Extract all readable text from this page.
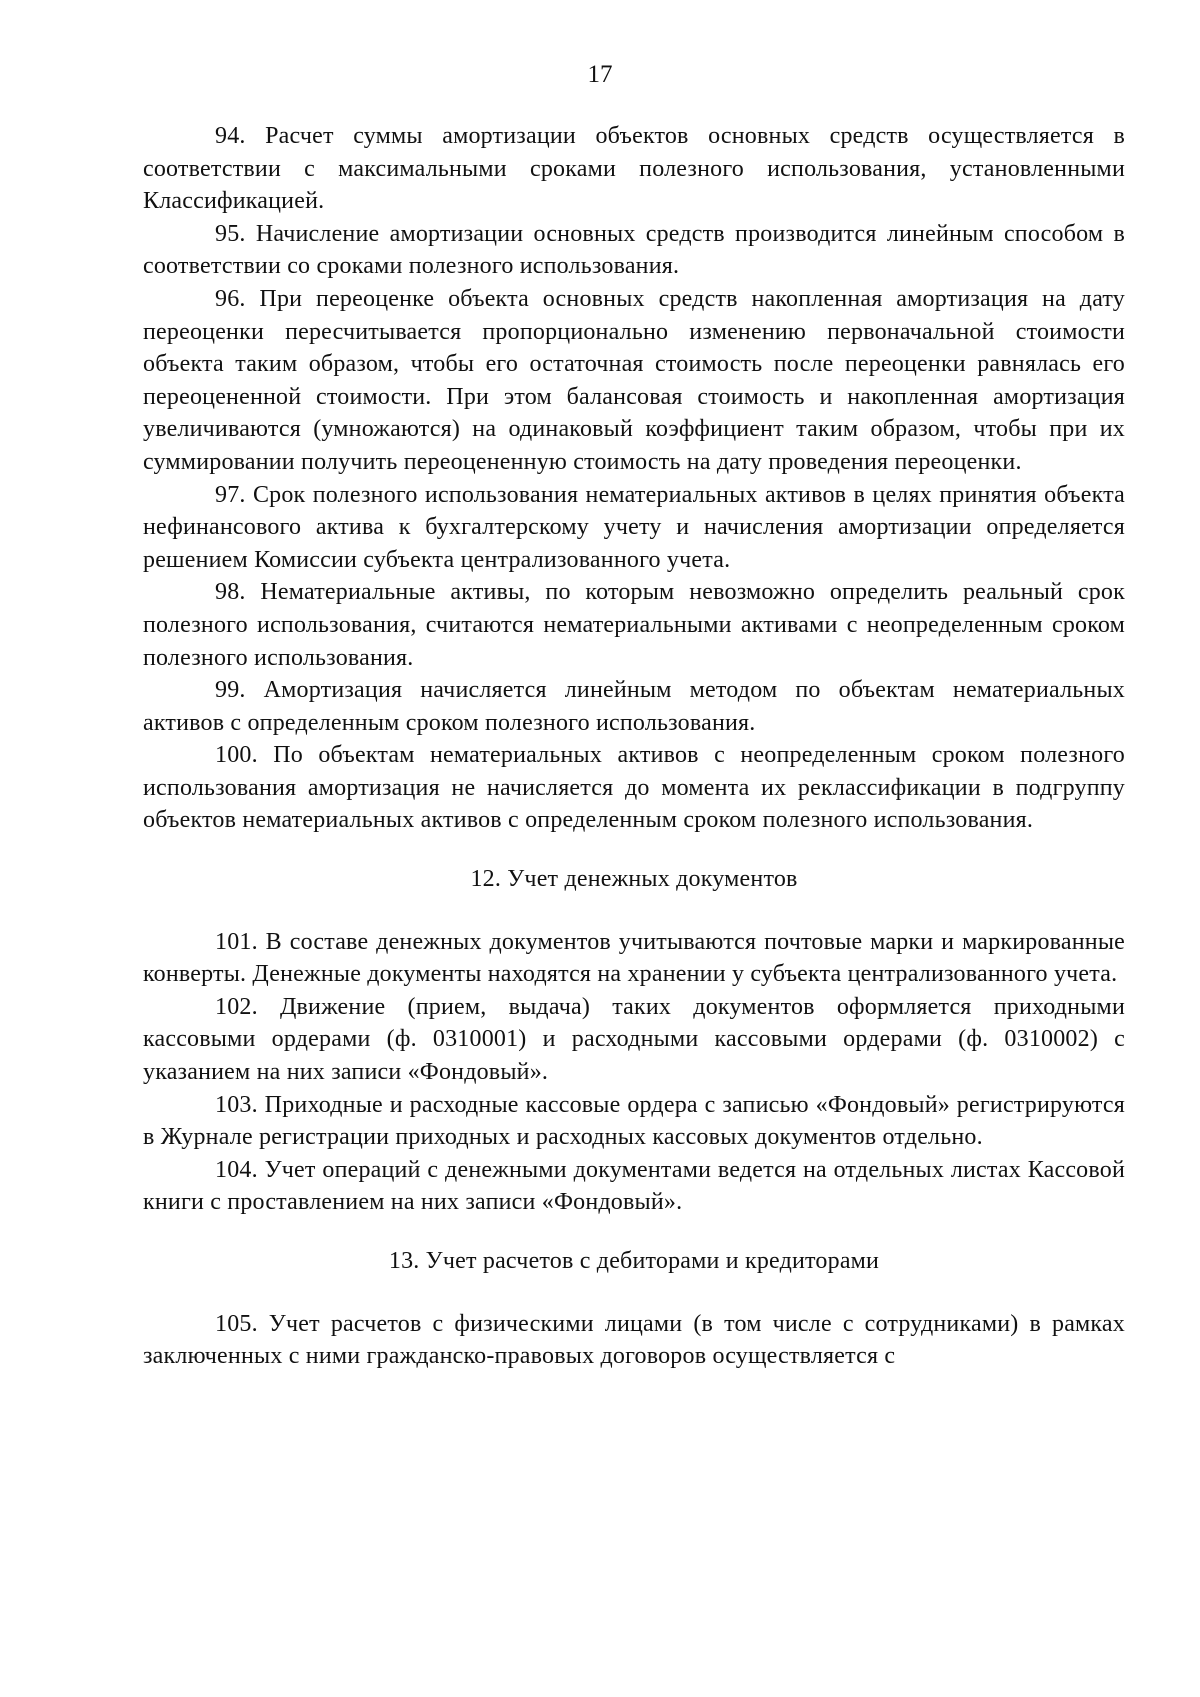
17

94. Расчет суммы амортизации объектов основных средств осуществляется в соответствии с максимальными сроками полезного использования, установленными Классификацией.

95. Начисление амортизации основных средств производится линейным способом в соответствии со сроками полезного использования.

96. При переоценке объекта основных средств накопленная амортизация на дату переоценки пересчитывается пропорционально изменению первоначальной стоимости объекта таким образом, чтобы его остаточная стоимость после переоценки равнялась его переоцененной стоимости. При этом балансовая стоимость и накопленная амортизация увеличиваются (умножаются) на одинаковый коэффициент таким образом, чтобы при их суммировании получить переоцененную стоимость на дату проведения переоценки.

97. Срок полезного использования нематериальных активов в целях принятия объекта нефинансового актива к бухгалтерскому учету и начисления амортизации определяется решением Комиссии субъекта централизованного учета.

98. Нематериальные активы, по которым невозможно определить реальный срок полезного использования, считаются нематериальными активами с неопределенным сроком полезного использования.

99. Амортизация начисляется линейным методом по объектам нематериальных активов с определенным сроком полезного использования.

100. По объектам нематериальных активов с неопределенным сроком полезного использования амортизация не начисляется до момента их реклассификации в подгруппу объектов нематериальных активов с определенным сроком полезного использования.

12. Учет денежных документов

101. В составе денежных документов учитываются почтовые марки и маркированные конверты. Денежные документы находятся на хранении у субъекта централизованного учета.

102. Движение (прием, выдача) таких документов оформляется приходными кассовыми ордерами (ф. 0310001) и расходными кассовыми ордерами (ф. 0310002) с указанием на них записи «Фондовый».

103. Приходные и расходные кассовые ордера с записью «Фондовый» регистрируются в Журнале регистрации приходных и расходных кассовых документов отдельно.

104. Учет операций с денежными документами ведется на отдельных листах Кассовой книги с проставлением на них записи «Фондовый».

13. Учет расчетов с дебиторами и кредиторами

105. Учет расчетов с физическими лицами (в том числе с сотрудниками) в рамках заключенных с ними гражданско-правовых договоров осуществляется с
